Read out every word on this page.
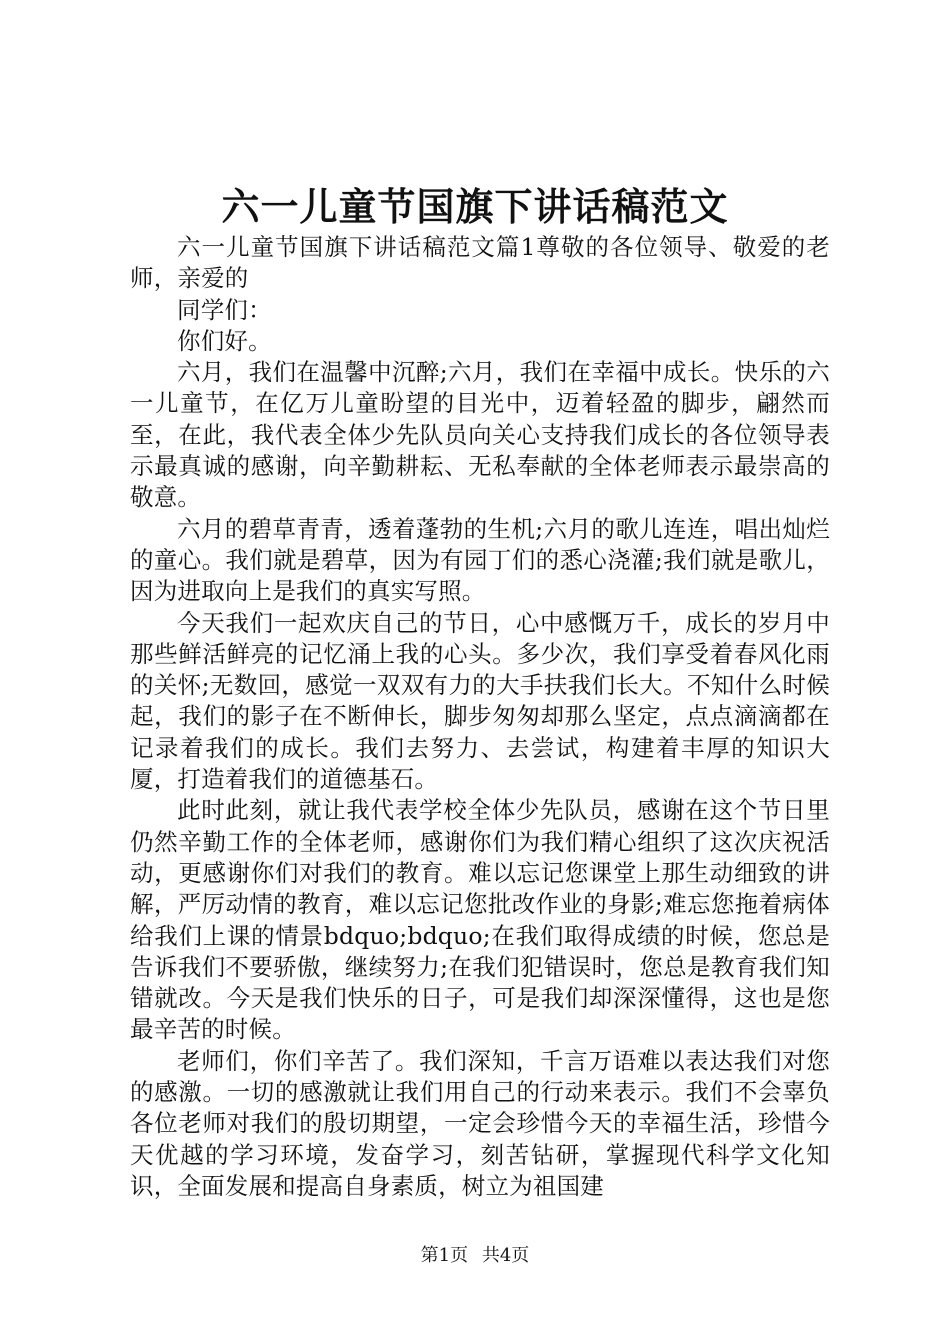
六一儿童节国旗下讲话稿范文

六一儿童节国旗下讲话稿范文篇1尊敬的各位领导、敬爱的老师，亲爱的

同学们：

你们好。

六月，我们在温馨中沉醉;六月，我们在幸福中成长。快乐的六一儿童节，在亿万儿童盼望的目光中，迈着轻盈的脚步，翩然而至，在此，我代表全体少先队员向关心支持我们成长的各位领导表示最真诚的感谢，向辛勤耕耘、无私奉献的全体老师表示最崇高的敬意。

六月的碧草青青，透着蓬勃的生机;六月的歌儿连连，唱出灿烂的童心。我们就是碧草，因为有园丁们的悉心浇灌;我们就是歌儿，因为进取向上是我们的真实写照。

今天我们一起欢庆自己的节日，心中感慨万千，成长的岁月中那些鲜活鲜亮的记忆涌上我的心头。多少次，我们享受着春风化雨的关怀;无数回，感觉一双双有力的大手扶我们长大。不知什么时候起，我们的影子在不断伸长，脚步匆匆却那么坚定，点点滴滴都在记录着我们的成长。我们去努力、去尝试，构建着丰厚的知识大厦，打造着我们的道德基石。

此时此刻，就让我代表学校全体少先队员，感谢在这个节日里仍然辛勤工作的全体老师，感谢你们为我们精心组织了这次庆祝活动，更感谢你们对我们的教育。难以忘记您课堂上那生动细致的讲解，严厉动情的教育，难以忘记您批改作业的身影;难忘您拖着病体给我们上课的情景bdquo;bdquo;在我们取得成绩的时候，您总是告诉我们不要骄傲，继续努力;在我们犯错误时，您总是教育我们知错就改。今天是我们快乐的日子，可是我们却深深懂得，这也是您最辛苦的时候。

老师们，你们辛苦了。我们深知，千言万语难以表达我们对您的感激。一切的感激就让我们用自己的行动来表示。我们不会辜负各位老师对我们的殷切期望，一定会珍惜今天的幸福生活，珍惜今天优越的学习环境，发奋学习，刻苦钻研，掌握现代科学文化知识，全面发展和提高自身素质，树立为祖国建

第1页 共4页
